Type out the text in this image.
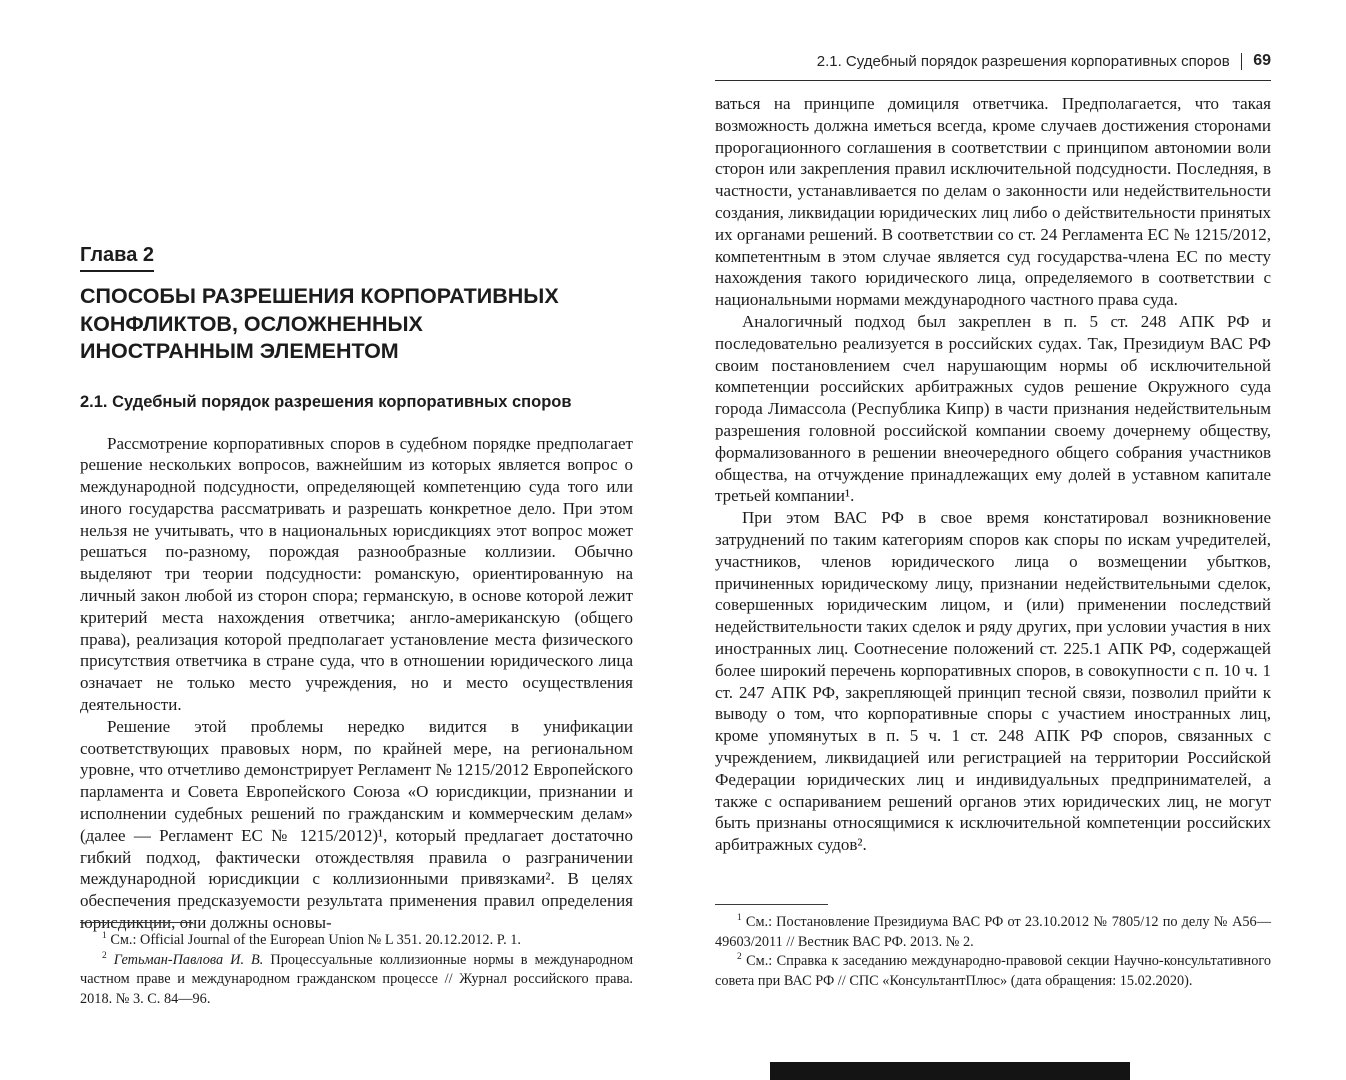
Глава 2
СПОСОБЫ РАЗРЕШЕНИЯ КОРПОРАТИВНЫХ
КОНФЛИКТОВ, ОСЛОЖНЕННЫХ
ИНОСТРАННЫМ ЭЛЕМЕНТОМ
2.1. Судебный порядок разрешения корпоративных споров

Рассмотрение корпоративных споров в судебном порядке предполагает решение нескольких вопросов, важнейшим из которых является вопрос о международной подсудности, определяющей компетенцию суда того или иного государства рассматривать и разрешать конкретное дело. При этом нельзя не учитывать, что в национальных юрисдикциях этот вопрос может решаться по-разному, порождая разнообразные коллизии. Обычно выделяют три теории подсудности: романскую, ориентированную на личный закон любой из сторон спора; германскую, в основе которой лежит критерий места нахождения ответчика; англо-американскую (общего права), реализация которой предполагает установление места физического присутствия ответчика в стране суда, что в отношении юридического лица означает не только место учреждения, но и место осуществления деятельности.

Решение этой проблемы нередко видится в унификации соответствующих правовых норм, по крайней мере, на региональном уровне, что отчетливо демонстрирует Регламент № 1215/2012 Европейского парламента и Совета Европейского Союза «О юрисдикции, признании и исполнении судебных решений по гражданским и коммерческим делам» (далее — Регламент ЕС № 1215/2012)¹, который предлагает достаточно гибкий подход, фактически отождествляя правила о разграничении международной юрисдикции с коллизионными привязками². В целях обеспечения предсказуемости результата применения правил определения юрисдикции, они должны основы-

$^1$ См.: Official Journal of the European Union № L 351. 20.12.2012. P. 1.

$^2$ Гетьман-Павлова И. В. Процессуальные коллизионные нормы в международном частном праве и международном гражданском процессе // Журнал российского права. 2018. № 3. С. 84—96.

2.1. Судебный порядок разрешения корпоративных споров 69

ваться на принципе домициля ответчика. Предполагается, что такая возможность должна иметься всегда, кроме случаев достижения сторонами пророгационного соглашения в соответствии с принципом автономии воли сторон или закрепления правил исключительной подсудности. Последняя, в частности, устанавливается по делам о законности или недействительности создания, ликвидации юридических лиц либо о действительности принятых их органами решений. В соответствии со ст. 24 Регламента ЕС № 1215/2012, компетентным в этом случае является суд государства-члена ЕС по месту нахождения такого юридического лица, определяемого в соответствии с национальными нормами международного частного права суда.

Аналогичный подход был закреплен в п. 5 ст. 248 АПК РФ и последовательно реализуется в российских судах. Так, Президиум ВАС РФ своим постановлением счел нарушающим нормы об исключительной компетенции российских арбитражных судов решение Окружного суда города Лимассола (Республика Кипр) в части признания недействительным разрешения головной российской компании своему дочернему обществу, формализованного в решении внеочередного общего собрания участников общества, на отчуждение принадлежащих ему долей в уставном капитале третьей компании¹.

При этом ВАС РФ в свое время констатировал возникновение затруднений по таким категориям споров как споры по искам учредителей, участников, членов юридического лица о возмещении убытков, причиненных юридическому лицу, признании недействительными сделок, совершенных юридическим лицом, и (или) применении последствий недействительности таких сделок и ряду других, при условии участия в них иностранных лиц. Соотнесение положений ст. 225.1 АПК РФ, содержащей более широкий перечень корпоративных споров, в совокупности с п. 10 ч. 1 ст. 247 АПК РФ, закрепляющей принцип тесной связи, позволил прийти к выводу о том, что корпоративные споры с участием иностранных лиц, кроме упомянутых в п. 5 ч. 1 ст. 248 АПК РФ споров, связанных с учреждением, ликвидацией или регистрацией на территории Российской Федерации юридических лиц и индивидуальных предпринимателей, а также с оспариванием решений органов этих юридических лиц, не могут быть признаны относящимися к исключительной компетенции российских арбитражных судов².

$^1$ См.: Постановление Президиума ВАС РФ от 23.10.2012 № 7805/12 по делу № А56—49603/2011 // Вестник ВАС РФ. 2013. № 2.

$^2$ См.: Справка к заседанию международно-правовой секции Научно-консультативного совета при ВАС РФ // СПС «КонсультантПлюс» (дата обращения: 15.02.2020).
